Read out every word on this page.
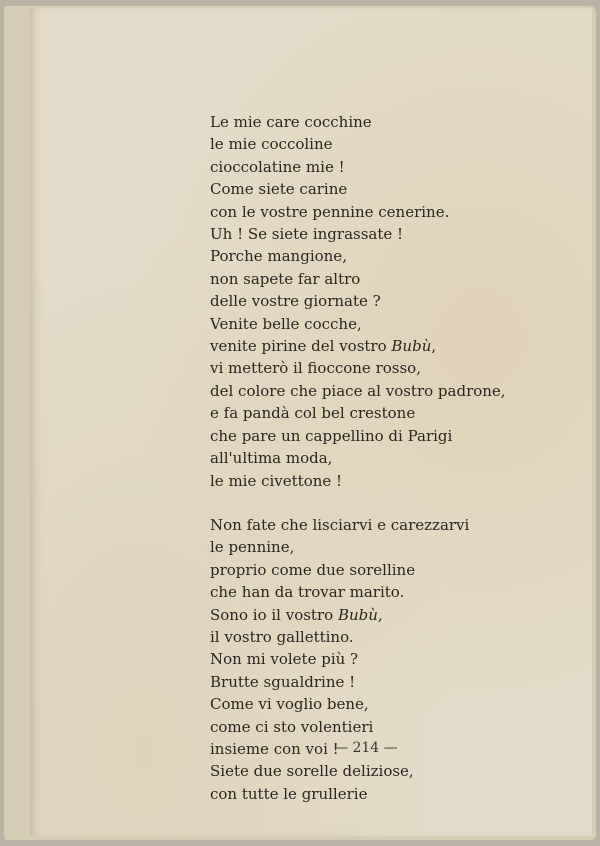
Le mie care cocchine
le mie coccoline
cioccolatine mie !
Come siete carine
con le vostre pennine cenerine.
Uh ! Se siete ingrassate !
Porche mangione,
non sapete far altro
delle vostre giornate ?
Venite belle cocche,
venite pirine del vostro Bubù,
vi metterò il fioccone rosso,
del colore che piace al vostro padrone,
e fa pandà col bel crestone
che pare un cappellino di Parigi
all'ultima moda,
le mie civettone !
Non fate che lisciarvi e carezzarvi
le pennine,
proprio come due sorelline
che han da trovar marito.
Sono io il vostro Bubù,
il vostro gallettino.
Non mi volete più ?
Brutte sgualdrine !
Come vi voglio bene,
come ci sto volentieri
insieme con voi !
Siete due sorelle deliziose,
con tutte le grullerie
— 214 —
